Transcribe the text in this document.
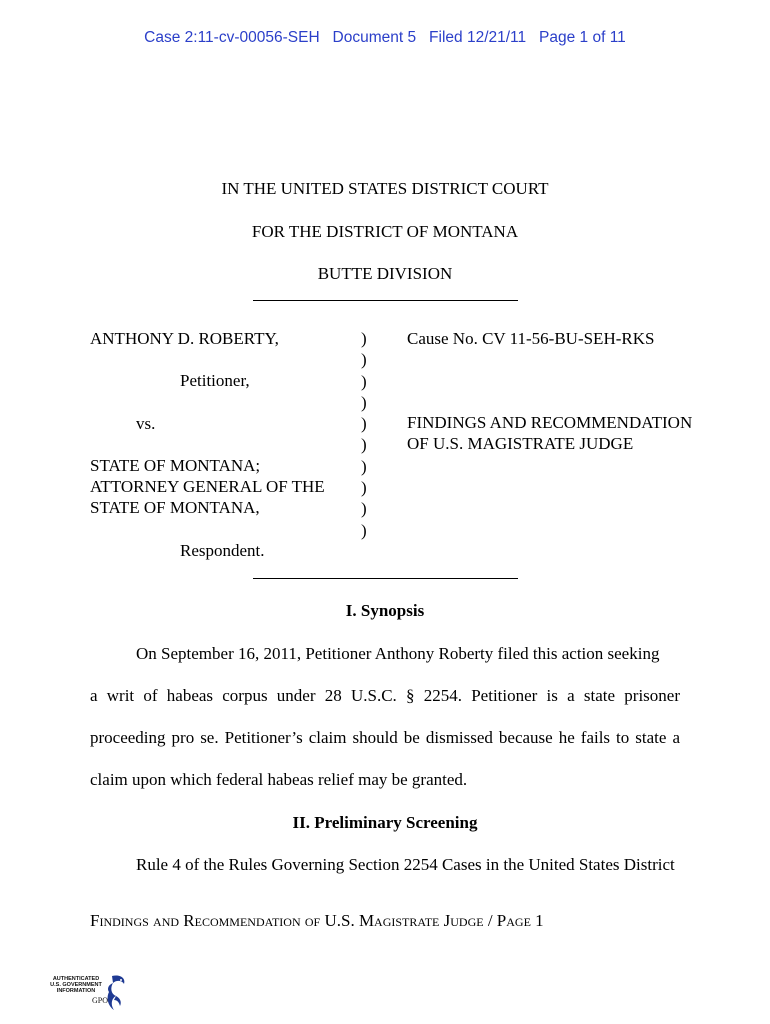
Case 2:11-cv-00056-SEH   Document 5   Filed 12/21/11   Page 1 of 11
IN THE UNITED STATES DISTRICT COURT
FOR THE DISTRICT OF MONTANA
BUTTE DIVISION
ANTHONY D. ROBERTY,
Petitioner,
vs.
STATE OF MONTANA;
ATTORNEY GENERAL OF THE
STATE OF MONTANA,
Respondent.
)
)
)
)
)
)
)
)
)
)
Cause No. CV 11-56-BU-SEH-RKS
FINDINGS AND RECOMMENDATION
OF U.S. MAGISTRATE JUDGE
I. Synopsis
On September 16, 2011, Petitioner Anthony Roberty filed this action seeking
a writ of habeas corpus under 28 U.S.C. § 2254. Petitioner is a state prisoner
proceeding pro se. Petitioner’s claim should be dismissed because he fails to state a
claim upon which federal habeas relief may be granted.
II. Preliminary Screening
Rule 4 of the Rules Governing Section 2254 Cases in the United States District
Findings and Recommendation of U.S. Magistrate Judge / Page 1
AUTHENTICATED
U.S. GOVERNMENT
INFORMATION
GPO
